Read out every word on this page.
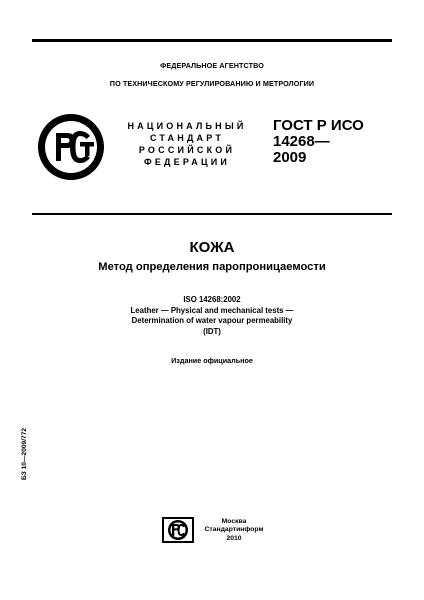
ФЕДЕРАЛЬНОЕ АГЕНТСТВО
ПО ТЕХНИЧЕСКОМУ РЕГУЛИРОВАНИЮ И МЕТРОЛОГИИ
НАЦИОНАЛЬНЫЙ
СТАНДАРТ
РОССИЙСКОЙ
ФЕДЕРАЦИИ
ГОСТ Р ИСО
14268—
2009
КОЖА
Метод определения паропроницаемости
ISO 14268:2002
Leather — Physical and mechanical tests —
Determination of water vapour permeability
(IDT)
Издание официальное
БЗ 10—2009/772
Москва
Стандартинформ
2010
